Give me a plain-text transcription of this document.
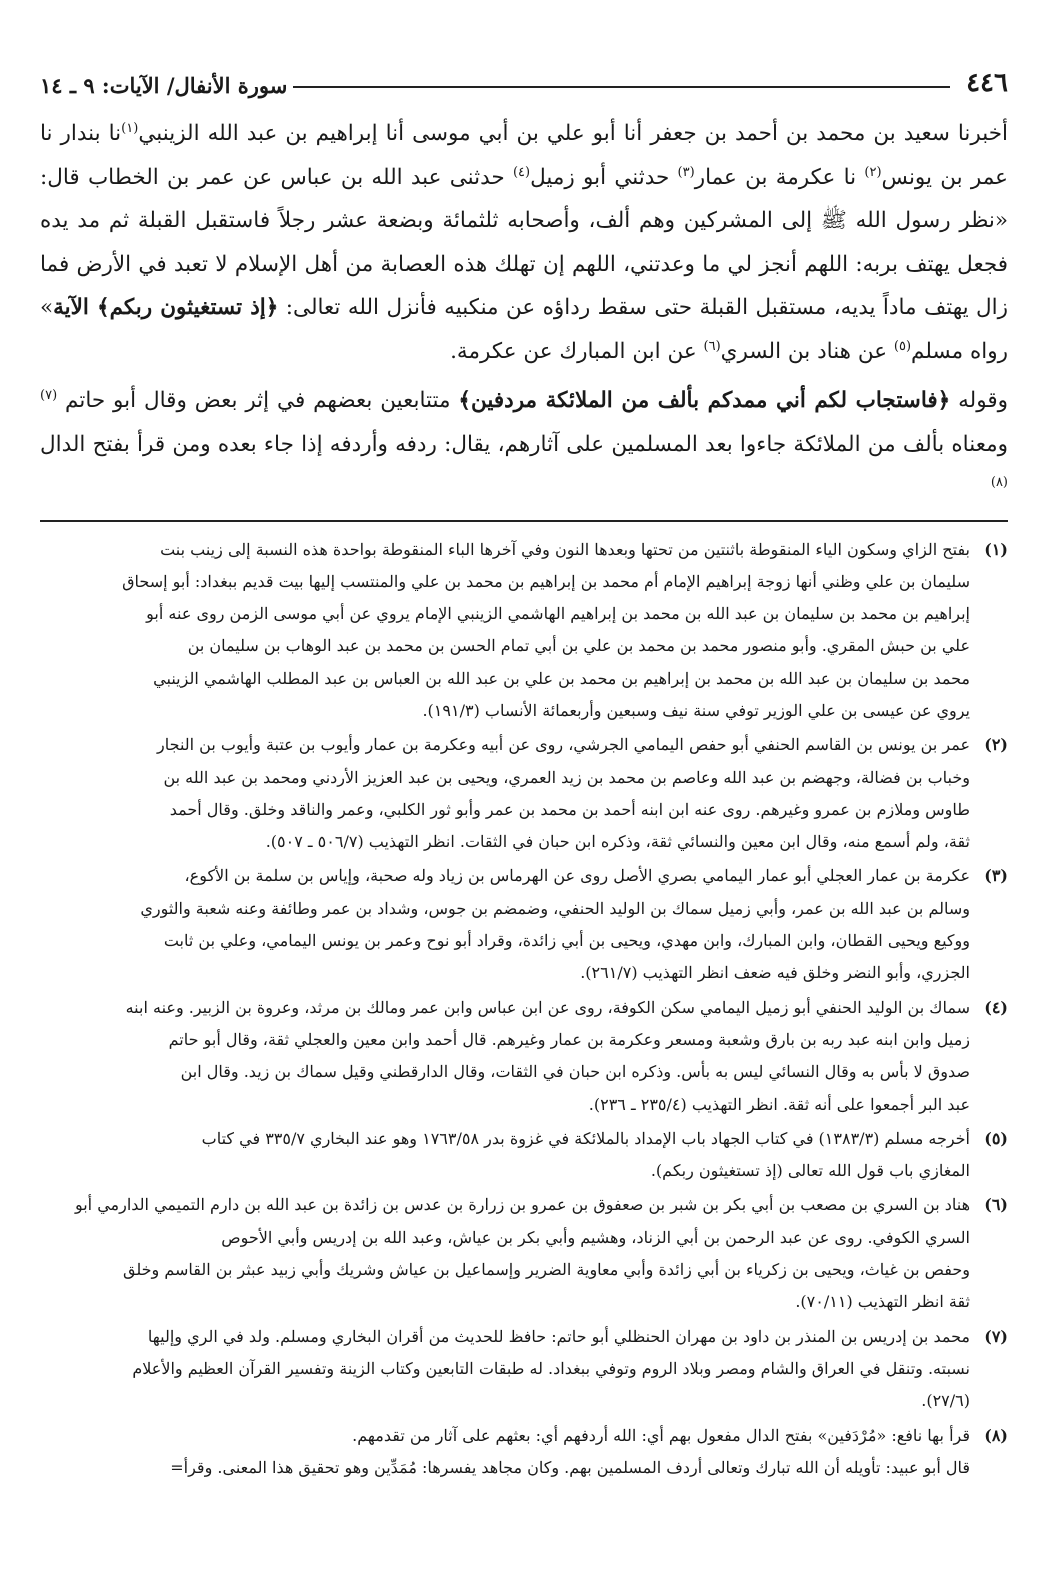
٤٤٦
سورة الأنفال/ الآيات: ٩ ـ ١٤

أخبرنا سعيد بن محمد بن أحمد بن جعفر أنا أبو علي بن أبي موسى أنا إبراهيم بن عبد الله الزينبي$^{(١)}$نا بندار نا عمر بن يونس$^{(٢)}$ نا عكرمة بن عمار$^{(٣)}$ حدثني أبو زميل$^{(٤)}$ حدثنى عبد الله بن عباس عن عمر بن الخطاب قال: «نظر رسول الله ﷺ إلى المشركين وهم ألف، وأصحابه ثلثمائة وبضعة عشر رجلاً فاستقبل القبلة ثم مد يده فجعل يهتف بربه: اللهم أنجز لي ما وعدتني، اللهم إن تهلك هذه العصابة من أهل الإسلام لا تعبد في الأرض فما زال يهتف ماداً يديه، مستقبل القبلة حتى سقط رداؤه عن منكبيه فأنزل الله تعالى: ﴿إذ تستغيثون ربكم﴾ الآية» رواه مسلم$^{(٥)}$ عن هناد بن السري$^{(٦)}$ عن ابن المبارك عن عكرمة.

وقوله ﴿فاستجاب لكم أني ممدكم بألف من الملائكة مردفين﴾ متتابعين بعضهم في إثر بعض وقال أبو حاتم $^{(٧)}$ ومعناه بألف من الملائكة جاءوا بعد المسلمين على آثارهم، يقال: ردفه وأردفه إذا جاء بعده ومن قرأ بفتح الدال $^{(٨)}$

(١)
بفتح الزاي وسكون الياء المنقوطة باثنتين من تحتها وبعدها النون وفي آخرها الباء المنقوطة بواحدة هذه النسبة إلى زينب بنت
سليمان بن علي وظني أنها زوجة إبراهيم الإمام أم محمد بن إبراهيم بن محمد بن علي والمنتسب إليها بيت قديم ببغداد: أبو إسحاق
إبراهيم بن محمد بن سليمان بن عبد الله بن محمد بن إبراهيم الهاشمي الزينبي الإمام يروي عن أبي موسى الزمن روى عنه أبو
علي بن حبش المقري. وأبو منصور محمد بن محمد بن علي بن أبي تمام الحسن بن محمد بن عبد الوهاب بن سليمان بن
محمد بن سليمان بن عبد الله بن محمد بن إبراهيم بن محمد بن علي بن عبد الله بن العباس بن عبد المطلب الهاشمي الزينبي
يروي عن عيسى بن علي الوزير توفي سنة نيف وسبعين وأربعمائة الأنساب (١٩١/٣).
(٢)
عمر بن يونس بن القاسم الحنفي أبو حفص اليمامي الجرشي، روى عن أبيه وعكرمة بن عمار وأيوب بن عتبة وأيوب بن النجار
وخباب بن فضالة، وجهضم بن عبد الله وعاصم بن محمد بن زيد العمري، ويحيى بن عبد العزيز الأردني ومحمد بن عبد الله بن
طاوس وملازم بن عمرو وغيرهم. روى عنه ابن ابنه أحمد بن محمد بن عمر وأبو ثور الكلبي، وعمر والناقد وخلق. وقال أحمد
ثقة، ولم أسمع منه، وقال ابن معين والنسائي ثقة، وذكره ابن حبان في الثقات. انظر التهذيب (٥٠٦/٧ ـ ٥٠٧).
(٣)
عكرمة بن عمار العجلي أبو عمار اليمامي بصري الأصل روى عن الهرماس بن زياد وله صحبة، وإياس بن سلمة بن الأكوع،
وسالم بن عبد الله بن عمر، وأبي زميل سماك بن الوليد الحنفي، وضمضم بن جوس، وشداد بن عمر وطائفة وعنه شعبة والثوري
ووكيع ويحيى القطان، وابن المبارك، وابن مهدي، ويحيى بن أبي زائدة، وقراد أبو نوح وعمر بن يونس اليمامي، وعلي بن ثابت
الجزري، وأبو النضر وخلق فيه ضعف انظر التهذيب (٢٦١/٧).
(٤)
سماك بن الوليد الحنفي أبو زميل اليمامي سكن الكوفة، روى عن ابن عباس وابن عمر ومالك بن مرثد، وعروة بن الزبير. وعنه ابنه
زميل وابن ابنه عبد ربه بن بارق وشعبة ومسعر وعكرمة بن عمار وغيرهم. قال أحمد وابن معين والعجلي ثقة، وقال أبو حاتم
صدوق لا بأس به وقال النسائي ليس به بأس. وذكره ابن حبان في الثقات، وقال الدارقطني وقيل سماك بن زيد. وقال ابن
عبد البر أجمعوا على أنه ثقة. انظر التهذيب (٢٣٥/٤ ـ ٢٣٦).
(٥)
أخرجه مسلم (١٣٨٣/٣) في كتاب الجهاد باب الإمداد بالملائكة في غزوة بدر ١٧٦٣/٥٨ وهو عند البخاري ٣٣٥/٧ في كتاب
المغازي باب قول الله تعالى (إذ تستغيثون ربكم).
(٦)
هناد بن السري بن مصعب بن أبي بكر بن شبر بن صعفوق بن عمرو بن زرارة بن عدس بن زائدة بن عبد الله بن دارم التميمي الدارمي أبو
السري الكوفي. روى عن عبد الرحمن بن أبي الزناد، وهشيم وأبي بكر بن عياش، وعبد الله بن إدريس وأبي الأحوص
وحفص بن غياث، ويحيى بن زكرياء بن أبي زائدة وأبي معاوية الضرير وإسماعيل بن عياش وشريك وأبي زبيد عبثر بن القاسم وخلق
ثقة انظر التهذيب (٧٠/١١).
(٧)
محمد بن إدريس بن المنذر بن داود بن مهران الحنظلي أبو حاتم: حافظ للحديث من أقران البخاري ومسلم. ولد في الري وإليها
نسبته. وتنقل في العراق والشام ومصر وبلاد الروم وتوفي ببغداد. له طبقات التابعين وكتاب الزينة وتفسير القرآن العظيم والأعلام
(٢٧/٦).
(٨)
قرأ بها نافع: «مُرْدَفين» بفتح الدال مفعول بهم أي: الله أردفهم أي: بعثهم على آثار من تقدمهم.
قال أبو عبيد: تأويله أن الله تبارك وتعالى أردف المسلمين بهم. وكان مجاهد يفسرها: مُمَدِّين وهو تحقيق هذا المعنى. وقرأ=
